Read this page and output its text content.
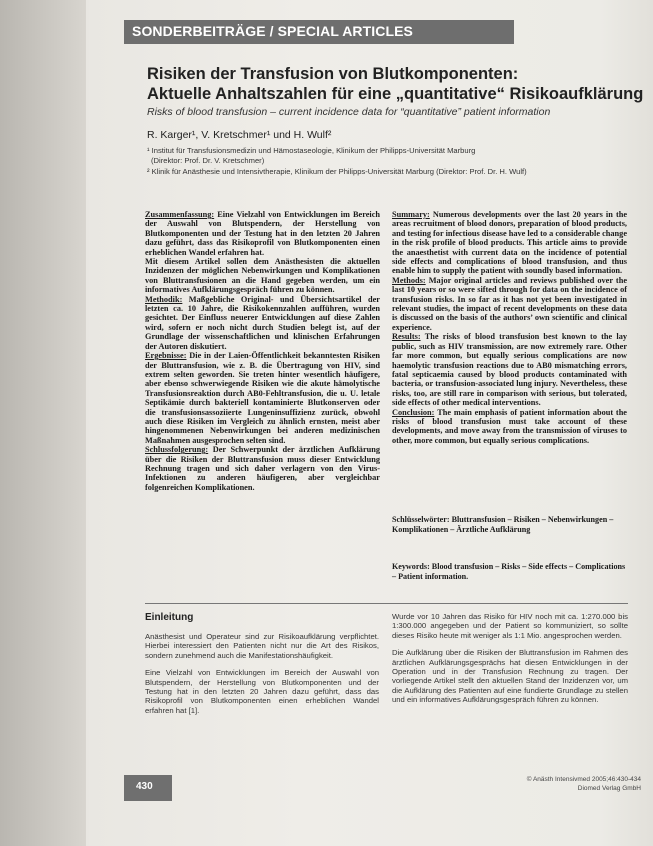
SONDERBEITRÄGE / SPECIAL ARTICLES
Risiken der Transfusion von Blutkomponenten:
Aktuelle Anhaltszahlen für eine „quantitative“ Risikoaufklärung
Risks of blood transfusion – current incidence data for “quantitative” patient information
R. Karger¹, V. Kretschmer¹ und H. Wulf²
¹ Institut für Transfusionsmedizin und Hämostaseologie, Klinikum der Philipps-Universität Marburg
(Direktor: Prof. Dr. V. Kretschmer)
² Klinik für Anästhesie und Intensivtherapie, Klinikum der Philipps-Universität Marburg (Direktor: Prof. Dr. H. Wulf)

Zusammenfassung: Eine Vielzahl von Entwicklungen im Bereich der Auswahl von Blutspendern, der Herstellung von Blutkomponenten und der Testung hat in den letzten 20 Jahren dazu geführt, dass das Risikoprofil von Blutkomponenten einen erheblichen Wandel erfahren hat.

Mit diesem Artikel sollen dem Anästhesisten die aktuellen Inzidenzen der möglichen Nebenwirkungen und Komplikationen von Bluttransfusionen an die Hand gegeben werden, um ein informatives Aufklärungsgespräch führen zu können.

Methodik: Maßgebliche Original- und Übersichtsartikel der letzten ca. 10 Jahre, die Risikokennzahlen aufführen, wurden gesichtet. Der Einfluss neuerer Entwicklungen auf diese Zahlen wird, sofern er noch nicht durch Studien belegt ist, auf der Grundlage der wissenschaftlichen und klinischen Erfahrungen der Autoren diskutiert.

Ergebnisse: Die in der Laien-Öffentlichkeit bekanntesten Risiken der Bluttransfusion, wie z. B. die Übertragung von HIV, sind extrem selten geworden. Sie treten hinter wesentlich häufigere, aber ebenso schwerwiegende Risiken wie die akute hämolytische Transfusionsreaktion durch AB0-Fehltransfusion, die u. U. letale Septikämie durch bakteriell kontaminierte Blutkonserven oder die transfusionsassoziierte Lungeninsuffizienz zurück, obwohl auch diese Risiken im Vergleich zu ähnlich ernsten, meist aber hingenommenen Nebenwirkungen bei anderen medizinischen Maßnahmen ausgesprochen selten sind.

Schlussfolgerung: Der Schwerpunkt der ärztlichen Aufklärung über die Risiken der Bluttransfusion muss dieser Entwicklung Rechnung tragen und sich daher verlagern von den Virus-Infektionen zu anderen häufigeren, aber vergleichbar folgenreichen Komplikationen.

Summary: Numerous developments over the last 20 years in the areas recruitment of blood donors, preparation of blood products, and testing for infectious disease have led to a considerable change in the risk profile of blood products. This article aims to provide the anaesthetist with current data on the incidence of potential side effects and complications of blood transfusion, and thus enable him to supply the patient with soundly based information.

Methods: Major original articles and reviews published over the last 10 years or so were sifted through for data on the incidence of transfusion risks. In so far as it has not yet been investigated in relevant studies, the impact of recent developments on these data is discussed on the basis of the authors’ own scientific and clinical experience.

Results: The risks of blood transfusion best known to the lay public, such as HIV transmission, are now extremely rare. Other far more common, but equally serious complications are now haemolytic transfusion reactions due to AB0 mismatching errors, fatal septicaemia caused by blood products contaminated with bacteria, or transfusion-associated lung injury. Nevertheless, these risks, too, are still rare in comparison with serious, but tolerated, side effects of other medical interventions.

Conclusion: The main emphasis of patient information about the risks of blood transfusion must take account of these developments, and move away from the transmission of viruses to other, more common, but equally serious complications.

Schlüsselwörter: Bluttransfusion – Risiken – Nebenwirkungen – Komplikationen – Ärztliche Aufklärung
Keywords: Blood transfusion – Risks – Side effects – Complications – Patient information.
Einleitung

Anästhesist und Operateur sind zur Risikoaufklärung verpflichtet. Hierbei interessiert den Patienten nicht nur die Art des Risikos, sondern zunehmend auch die Manifestationshäufigkeit.

Eine Vielzahl von Entwicklungen im Bereich der Auswahl von Blutspendern, der Herstellung von Blutkomponenten und der Testung hat in den letzten 20 Jahren dazu geführt, dass das Risikoprofil von Blutkomponenten einen erheblichen Wandel erfahren hat [1].

Wurde vor 10 Jahren das Risiko für HIV noch mit ca. 1:270.000 bis 1:300.000 angegeben und der Patient so kommuniziert, so sollte dieses Risiko heute mit weniger als 1:1 Mio. angesprochen werden.

Die Aufklärung über die Risiken der Bluttransfusion im Rahmen des ärztlichen Aufklärungsgesprächs hat diesen Entwicklungen in der Operation und in der Transfusion Rechnung zu tragen. Der vorliegende Artikel stellt den aktuellen Stand der Inzidenzen vor, um die Aufklärung des Patienten auf eine fundierte Grundlage zu stellen und ein informatives Aufklärungsgespräch führen zu können.

430
© Anästh Intensivmed 2005;46:430-434
Diomed Verlag GmbH
